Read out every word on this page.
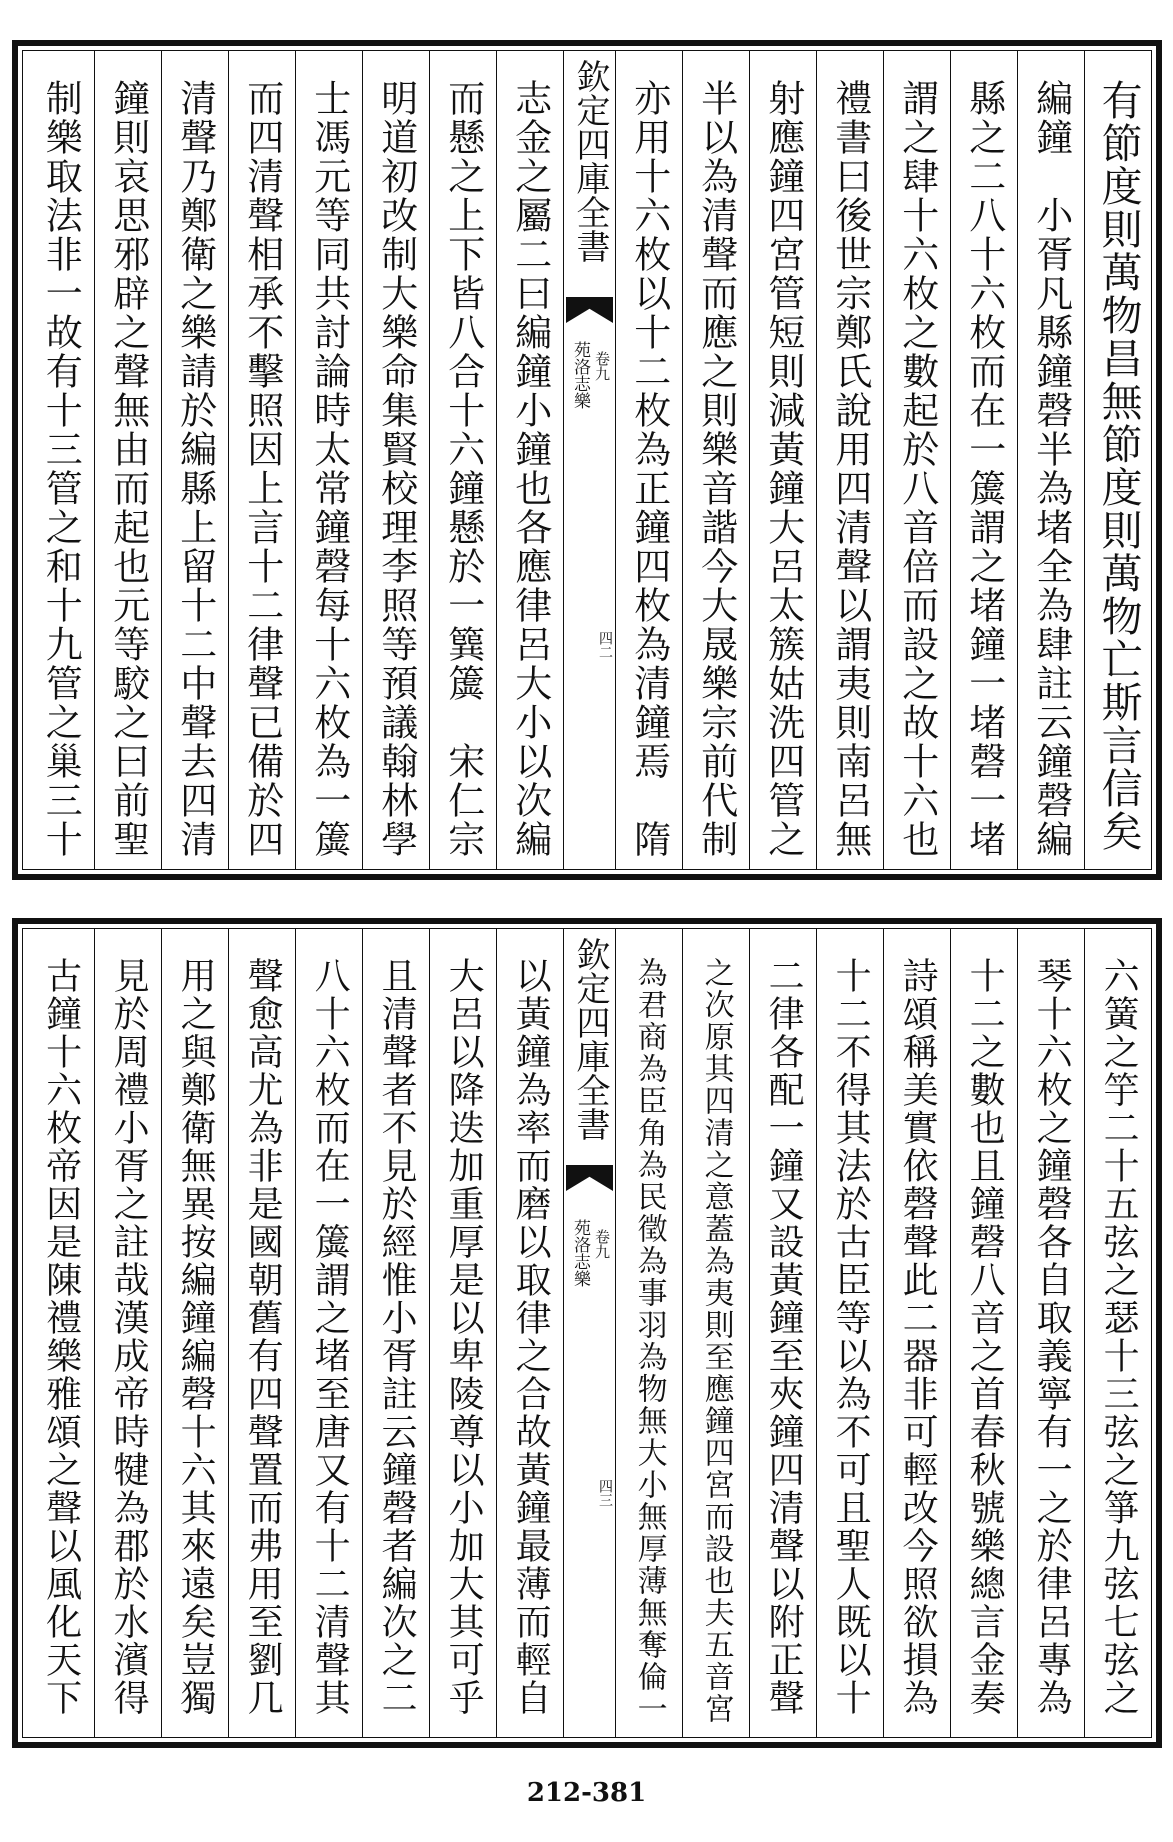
有節度則萬物昌無節度則萬物亡斯言信矣
編鐘　小胥凡縣鐘磬半為堵全為肆註云鐘磬編
縣之二八十六枚而在一簴謂之堵鐘一堵磬一堵
謂之肆十六枚之數起於八音倍而設之故十六也
禮書曰後世宗鄭氏說用四清聲以謂夷則南呂無
射應鐘四宮管短則減黃鐘大呂太簇姑洗四管之
半以為清聲而應之則樂音諧今大晟樂宗前代制
亦用十六枚以十二枚為正鐘四枚為清鐘焉　隋
欽定四庫全書
苑洛志樂 卷九
四二
志金之屬二曰編鐘小鐘也各應律呂大小以次編
而懸之上下皆八合十六鐘懸於一簨簴　宋仁宗
明道初改制大樂命集賢校理李照等預議翰林學
士馮元等同共討論時太常鐘磬每十六枚為一簴
而四清聲相承不擊照因上言十二律聲已備於四
清聲乃鄭衛之樂請於編縣上留十二中聲去四清
鐘則哀思邪辟之聲無由而起也元等駮之曰前聖
制樂取法非一故有十三管之和十九管之巢三十
六簧之竽二十五弦之瑟十三弦之箏九弦七弦之
琴十六枚之鐘磬各自取義寧有一之於律呂專為
十二之數也且鐘磬八音之首春秋號樂總言金奏
詩頌稱美實依磬聲此二器非可輕改今照欲損為
十二不得其法於古臣等以為不可且聖人既以十
二律各配一鐘又設黃鐘至夾鐘四清聲以附正聲
之次原其四清之意蓋為夷則至應鐘四宮而設也夫五音宮
為君商為臣角為民徵為事羽為物無大小無厚薄無奪倫一
欽定四庫全書
苑洛志樂 卷九
四三
以黃鐘為率而磨以取律之合故黃鐘最薄而輕自
大呂以降迭加重厚是以卑陵尊以小加大其可乎
且清聲者不見於經惟小胥註云鐘磬者編次之二
八十六枚而在一簴謂之堵至唐又有十二清聲其
聲愈高尤為非是國朝舊有四聲置而弗用至劉几
用之與鄭衛無異按編鐘編磬十六其來遠矣豈獨
見於周禮小胥之註哉漢成帝時犍為郡於水濱得
古鐘十六枚帝因是陳禮樂雅頌之聲以風化天下
212-381
